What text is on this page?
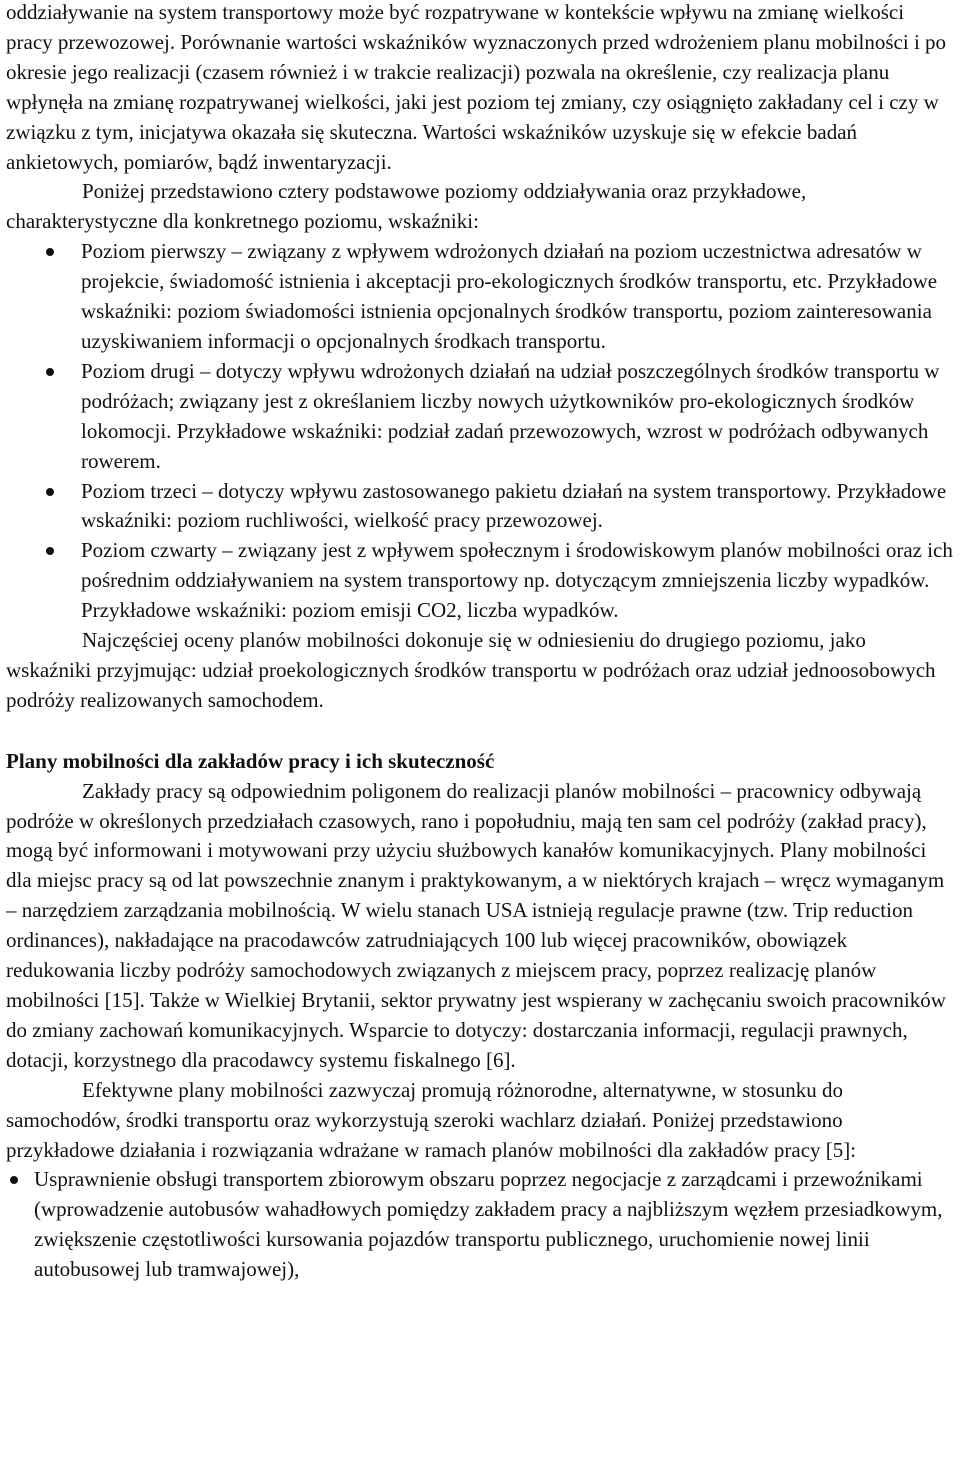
oddziaływanie na system transportowy może być rozpatrywane w kontekście wpływu na zmianę wielkości pracy przewozowej. Porównanie wartości wskaźników wyznaczonych przed wdrożeniem planu mobilności i po okresie jego realizacji (czasem również i w trakcie realizacji) pozwala na określenie, czy realizacja planu wpłynęła na zmianę rozpatrywanej wielkości, jaki jest poziom tej zmiany, czy osiągnięto zakładany cel i czy w związku z tym, inicjatywa okazała się skuteczna. Wartości wskaźników uzyskuje się w efekcie badań ankietowych, pomiarów, bądź inwentaryzacji.

Poniżej przedstawiono cztery podstawowe poziomy oddziaływania oraz przykładowe, charakterystyczne dla konkretnego poziomu, wskaźniki:

Poziom pierwszy – związany z wpływem wdrożonych działań na poziom uczestnictwa adresatów w projekcie, świadomość istnienia i akceptacji pro-ekologicznych środków transportu, etc. Przykładowe wskaźniki: poziom świadomości istnienia opcjonalnych środków transportu, poziom zainteresowania uzyskiwaniem informacji o opcjonalnych środkach transportu.
Poziom drugi – dotyczy wpływu wdrożonych działań na udział poszczególnych środków transportu w podróżach; związany jest z określaniem liczby nowych użytkowników pro-ekologicznych środków lokomocji. Przykładowe wskaźniki: podział zadań przewozowych, wzrost w podróżach odbywanych rowerem.
Poziom trzeci – dotyczy wpływu zastosowanego pakietu działań na system transportowy. Przykładowe wskaźniki: poziom ruchliwości, wielkość pracy przewozowej.
Poziom czwarty – związany jest z wpływem społecznym i środowiskowym planów mobilności oraz ich pośrednim oddziaływaniem na system transportowy np. dotyczącym zmniejszenia liczby wypadków. Przykładowe wskaźniki: poziom emisji CO2, liczba wypadków.

Najczęściej oceny planów mobilności dokonuje się w odniesieniu do drugiego poziomu, jako wskaźniki przyjmując: udział proekologicznych środków transportu w podróżach oraz udział jednoosobowych podróży realizowanych samochodem.

Plany mobilności dla zakładów pracy i ich skuteczność

Zakłady pracy są odpowiednim poligonem do realizacji planów mobilności – pracownicy odbywają podróże w określonych przedziałach czasowych, rano i popołudniu, mają ten sam cel podróży (zakład pracy), mogą być informowani i motywowani przy użyciu służbowych kanałów komunikacyjnych. Plany mobilności dla miejsc pracy są od lat powszechnie znanym i praktykowanym, a w niektórych krajach – wręcz wymaganym – narzędziem zarządzania mobilnością. W wielu stanach USA istnieją regulacje prawne (tzw. Trip reduction ordinances), nakładające na pracodawców zatrudniających 100 lub więcej pracowników, obowiązek redukowania liczby podróży samochodowych związanych z miejscem pracy, poprzez realizację planów mobilności [15]. Także w Wielkiej Brytanii, sektor prywatny jest wspierany w zachęcaniu swoich pracowników do zmiany zachowań komunikacyjnych. Wsparcie to dotyczy: dostarczania informacji, regulacji prawnych, dotacji, korzystnego dla pracodawcy systemu fiskalnego [6].

Efektywne plany mobilności zazwyczaj promują różnorodne, alternatywne, w stosunku do samochodów, środki transportu oraz wykorzystują szeroki wachlarz działań. Poniżej przedstawiono przykładowe działania i rozwiązania wdrażane w ramach planów mobilności dla zakładów pracy [5]:

Usprawnienie obsługi transportem zbiorowym obszaru poprzez negocjacje z zarządcami i przewoźnikami (wprowadzenie autobusów wahadłowych pomiędzy zakładem pracy a najbliższym węzłem przesiadkowym, zwiększenie częstotliwości kursowania pojazdów transportu publicznego, uruchomienie nowej linii autobusowej lub tramwajowej),
